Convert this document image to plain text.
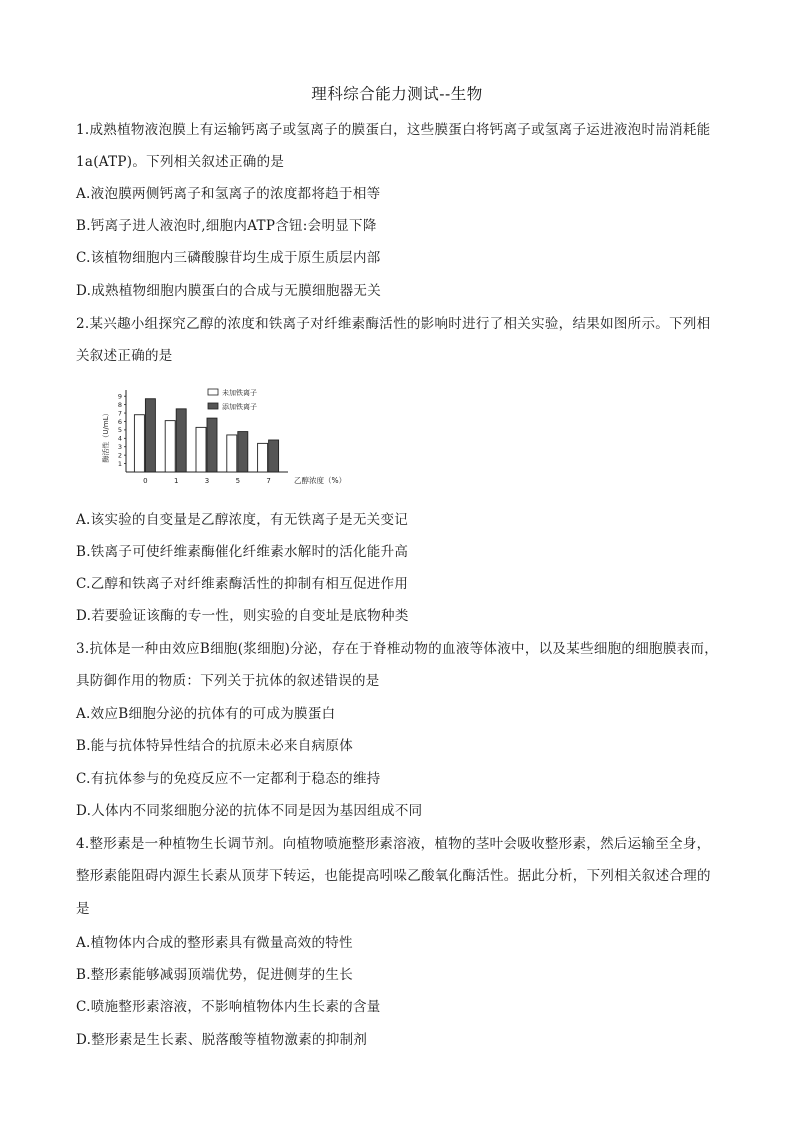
理科综合能力测试--生物
1.成熟植物液泡膜上有运输钙离子或氢离子的膜蛋白，这些膜蛋白将钙离子或氢离子运进液泡时耑消耗能
1a(ATP)。下列相关叙述正确的是
A.液泡膜两侧钙离子和氢离子的浓度都将趋于相等
B.钙离子进人液泡时,细胞内ATP含钮:会明显下降
C.该植物细胞内三磷酸腺苷均生成于原生质层内部
D.成熟植物细胞内膜蛋白的合成与无膜细胞器无关
2.某兴趣小组探究乙醇的浓度和铁离子对纤维素酶活性的影响时进行了相关实验，结果如图所示。下列相
关叙述正确的是
酶活性（U/mL）
乙醇浓度（%）
未加铁离子
添加铁离子
1
2
3
4
5
6
7
8
9
0	1	3	5	7
A.该实验的自变量是乙醇浓度，有无铁离子是无关变记
B.铁离子可使纤维素酶催化纤维素水解时的活化能升高
C.乙醇和铁离子对纤维素酶活性的抑制有相互促进作用
D.若要验证该酶的专一性，则实验的自变址是底物种类
3.抗体是一种由效应B细胞(浆细胞)分泌，存在于脊椎动物的血液等体液中，以及某些细胞的细胞膜表而，
具防御作用的物质：下列关于抗体的叙述错误的是
A.效应B细胞分泌的抗体有的可成为膜蛋白
B.能与抗体特异性结合的抗原未必来自病原体
C.有抗体参与的免疫反应不一定都利于稳态的维持
D.人体内不同浆细胞分泌的抗体不同是因为基因组成不同
4.整形素是一种植物生长调节剂。向植物喷施整形素溶液，植物的茎叶会吸收整形素，然后运输至全身，
整形素能阻碍内源生长素从顶芽下转运，也能提高吲哚乙酸氧化酶活性。据此分析，下列相关叙述合理的
是
A.植物体内合成的整形素具有微量高效的特性
B.整形素能够减弱顶端优势，促进侧芽的生长
C.喷施整形素溶液，不影响植物体内生长素的含量
D.整形素是生长素、脱落酸等植物激素的抑制剂
